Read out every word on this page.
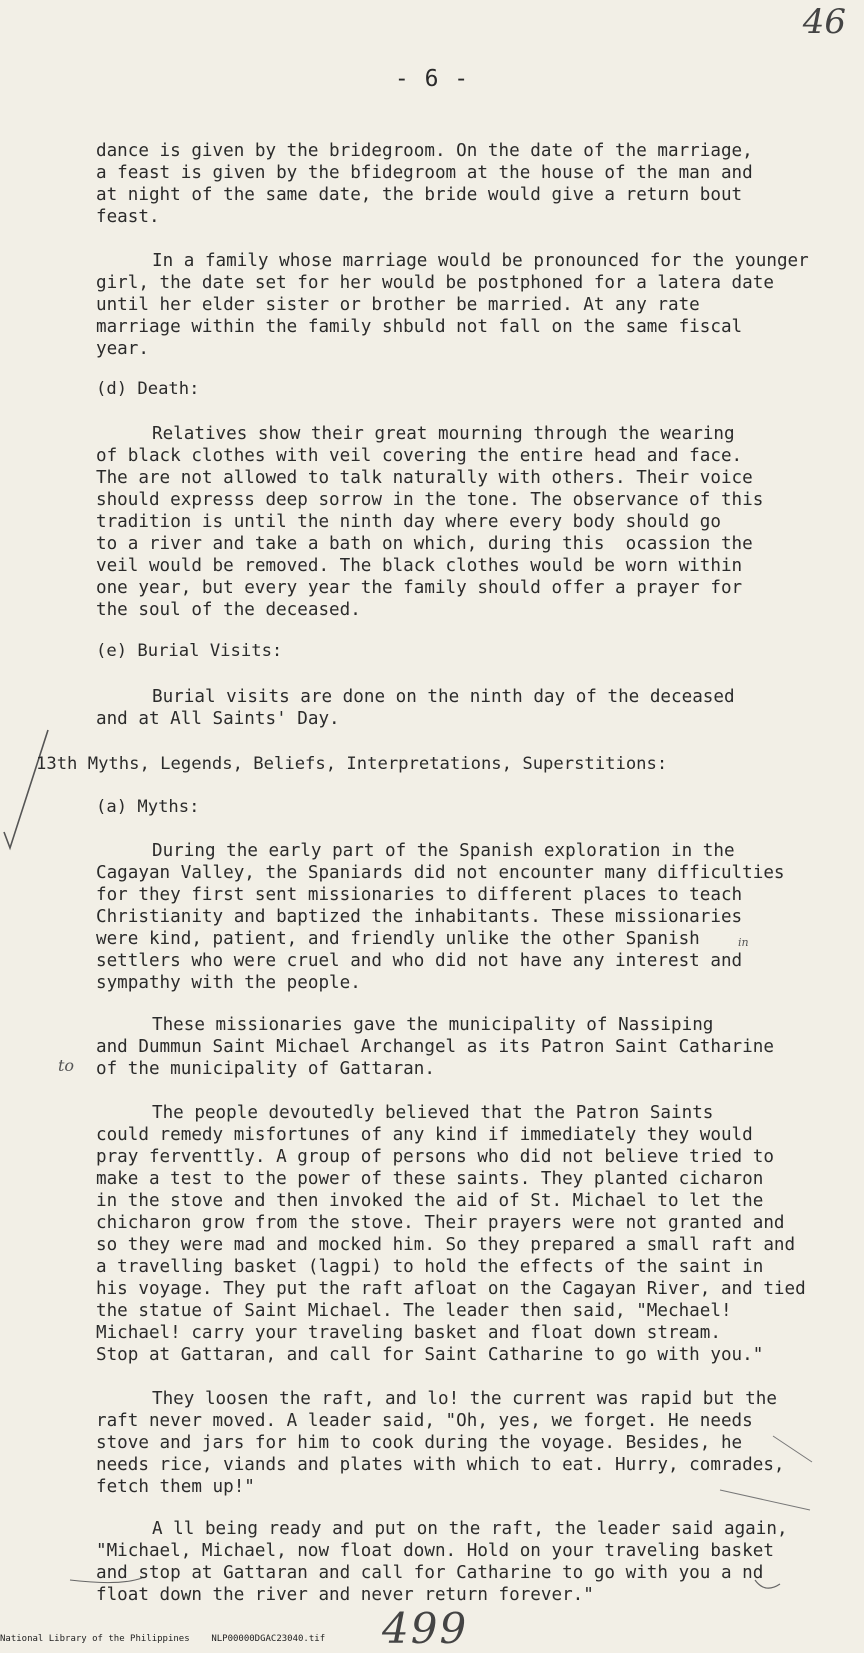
46
- 6 -
dance is given by the bridegroom. On the date of the marriage,
a feast is given by the bfidegroom at the house of the man and
at night of the same date, the bride would give a return bout
feast.
In a family whose marriage would be pronounced for the younger
girl, the date set for her would be postphoned for a latera date
until her elder sister or brother be married. At any rate
marriage within the family shbuld not fall on the same fiscal
year.
(d) Death:
Relatives show their great mourning through the wearing
of black clothes with veil covering the entire head and face.
The are not allowed to talk naturally with others. Their voice
should expresss deep sorrow in the tone. The observance of this
tradition is until the ninth day where every body should go
to a river and take a bath on which, during this  ocassion the
veil would be removed. The black clothes would be worn within
one year, but every year the family should offer a prayer for
the soul of the deceased.
(e) Burial Visits:
Burial visits are done on the ninth day of the deceased
and at All Saints' Day.
13th Myths, Legends, Beliefs, Interpretations, Superstitions:
(a) Myths:
During the early part of the Spanish exploration in the
Cagayan Valley, the Spaniards did not encounter many difficulties
for they first sent missionaries to different places to teach
Christianity and baptized the inhabitants. These missionaries
were kind, patient, and friendly unlike the other Spanish
settlers who were cruel and who did not have any interest and
sympathy with the people.
These missionaries gave the municipality of Nassiping
and Dummun Saint Michael Archangel as its Patron Saint Catharine
of the municipality of Gattaran.
The people devoutedly believed that the Patron Saints
could remedy misfortunes of any kind if immediately they would
pray ferventtly. A group of persons who did not believe tried to
make a test to the power of these saints. They planted cicharon
in the stove and then invoked the aid of St. Michael to let the
chicharon grow from the stove. Their prayers were not granted and
so they were mad and mocked him. So they prepared a small raft and
a travelling basket (lagpi) to hold the effects of the saint in
his voyage. They put the raft afloat on the Cagayan River, and tied
the statue of Saint Michael. The leader then said, "Mechael!
Michael! carry your traveling basket and float down stream.
Stop at Gattaran, and call for Saint Catharine to go with you."
They loosen the raft, and lo! the current was rapid but the
raft never moved. A leader said, "Oh, yes, we forget. He needs
stove and jars for him to cook during the voyage. Besides, he
needs rice, viands and plates with which to eat. Hurry, comrades,
fetch them up!"
A ll being ready and put on the raft, the leader said again,
"Michael, Michael, now float down. Hold on your traveling basket
and stop at Gattaran and call for Catharine to go with you a nd
float down the river and never return forever."
to
in
499
National Library of the Philippines    NLP00000DGAC23040.tif
